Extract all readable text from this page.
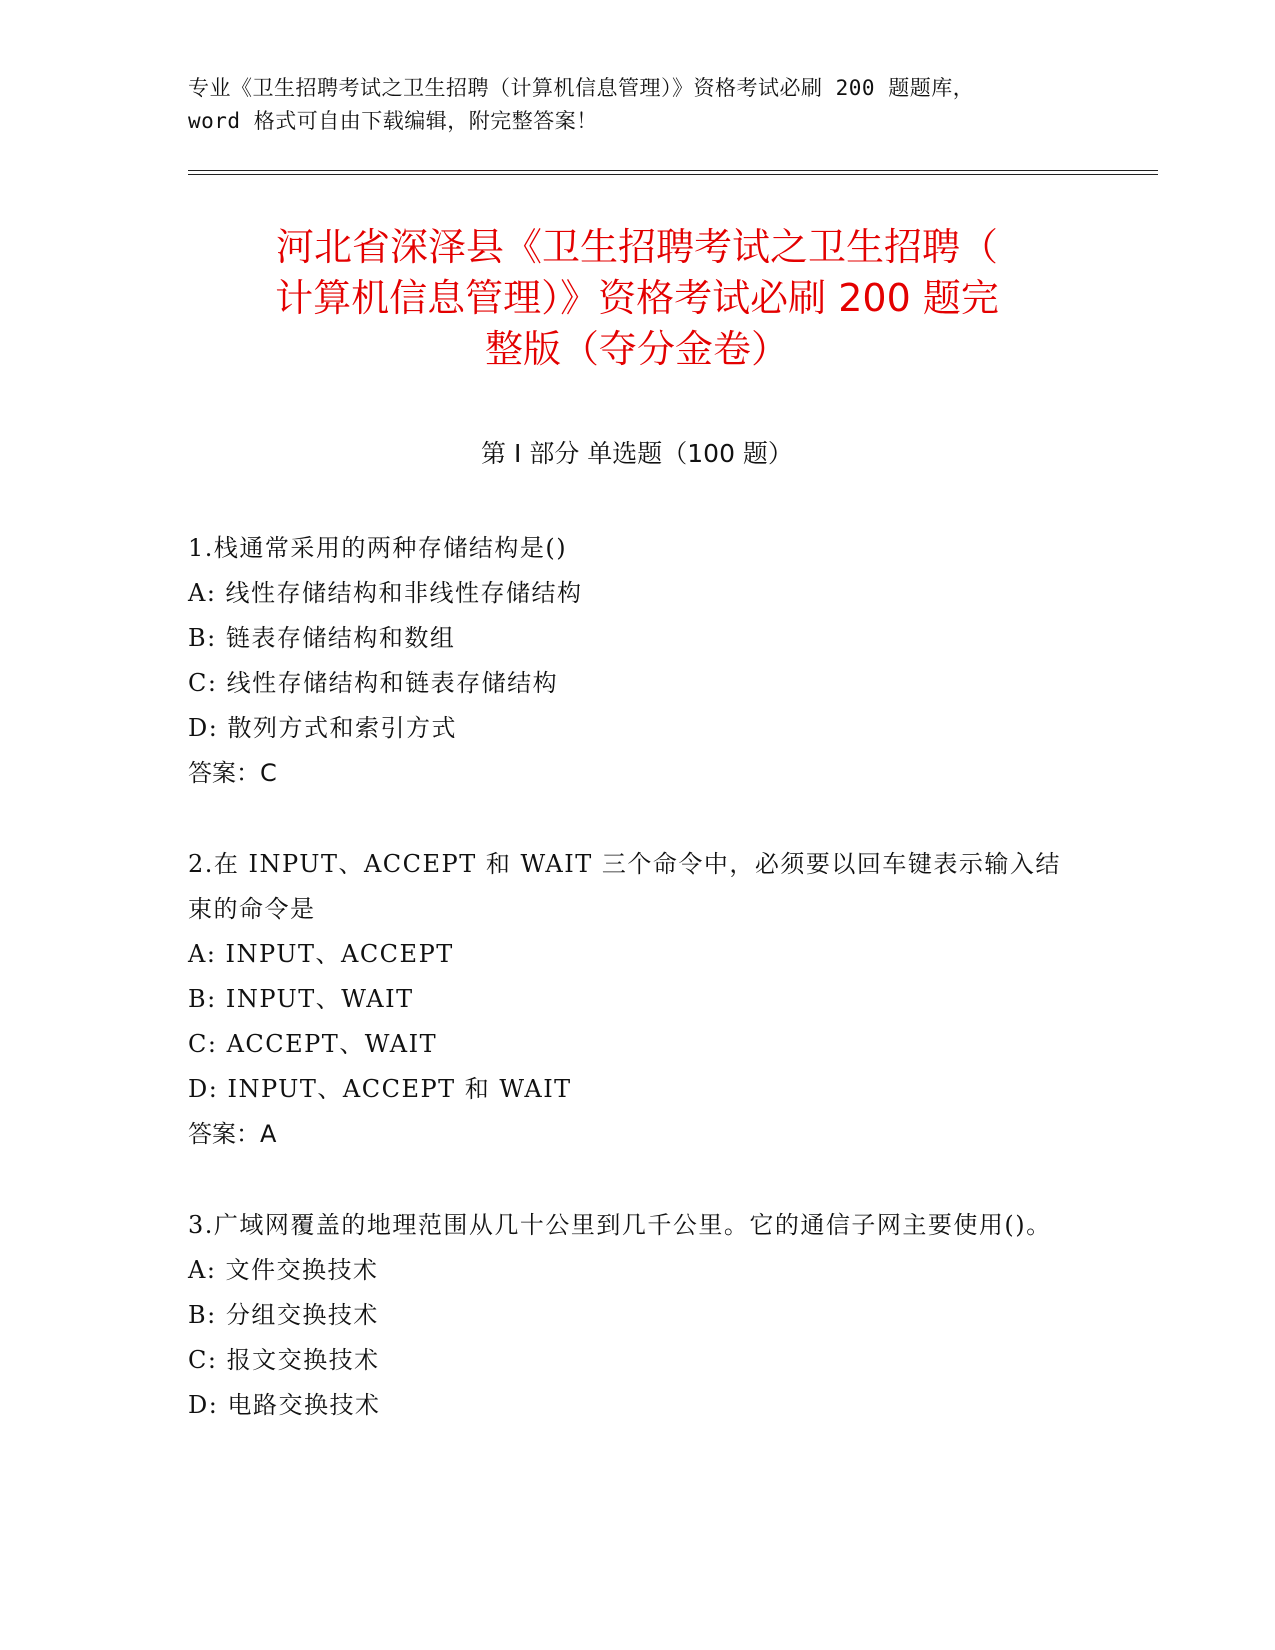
专业《卫生招聘考试之卫生招聘（计算机信息管理）》资格考试必刷 200 题题库，
word 格式可自由下载编辑，附完整答案！
河北省深泽县《卫生招聘考试之卫生招聘（
计算机信息管理）》资格考试必刷 200 题完
整版（夺分金卷）
第 I 部分 单选题（100 题）

1.栈通常采用的两种存储结构是()

A: 线性存储结构和非线性存储结构

B: 链表存储结构和数组

C: 线性存储结构和链表存储结构

D: 散列方式和索引方式

答案：C

2.在 INPUT、ACCEPT 和 WAIT 三个命令中，必须要以回车键表示输入结束的命令是

A: INPUT、ACCEPT

B: INPUT、WAIT

C: ACCEPT、WAIT

D: INPUT、ACCEPT 和 WAIT

答案：A

3.广域网覆盖的地理范围从几十公里到几千公里。它的通信子网主要使用()。

A: 文件交换技术

B: 分组交换技术

C: 报文交换技术

D: 电路交换技术
